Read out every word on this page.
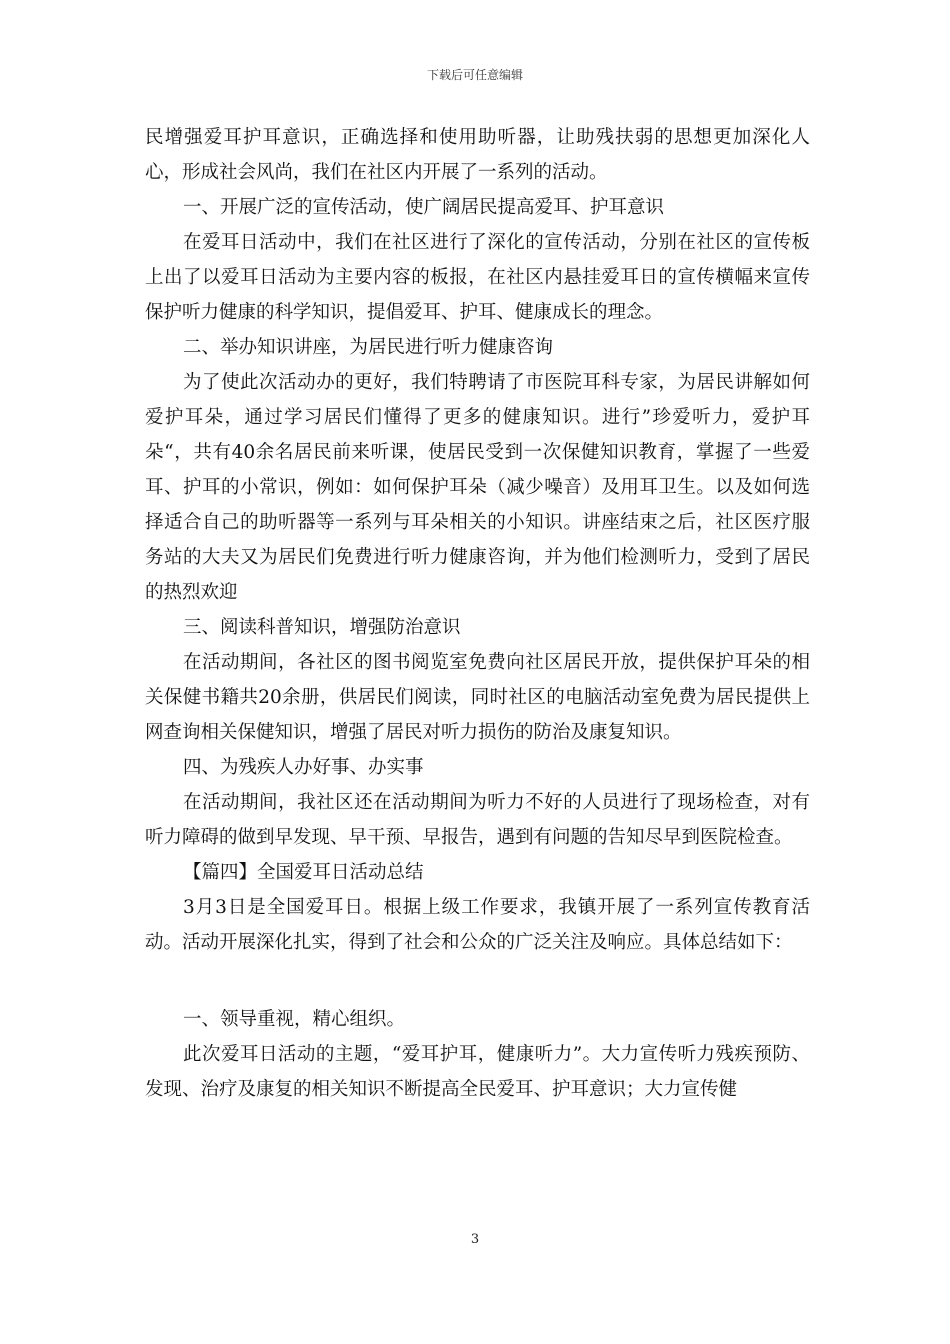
下载后可任意编辑

民增强爱耳护耳意识，正确选择和使用助听器，让助残扶弱的思想更加深化人心，形成社会风尚，我们在社区内开展了一系列的活动。

一、开展广泛的宣传活动，使广阔居民提高爱耳、护耳意识

在爱耳日活动中，我们在社区进行了深化的宣传活动，分别在社区的宣传板上出了以爱耳日活动为主要内容的板报，在社区内悬挂爱耳日的宣传横幅来宣传保护听力健康的科学知识，提倡爱耳、护耳、健康成长的理念。

二、举办知识讲座，为居民进行听力健康咨询

为了使此次活动办的更好，我们特聘请了市医院耳科专家，为居民讲解如何爱护耳朵，通过学习居民们懂得了更多的健康知识。进行”珍爱听力，爱护耳朵“，共有40余名居民前来听课，使居民受到一次保健知识教育，掌握了一些爱耳、护耳的小常识，例如：如何保护耳朵（减少噪音）及用耳卫生。以及如何选择适合自己的助听器等一系列与耳朵相关的小知识。讲座结束之后，社区医疗服务站的大夫又为居民们免费进行听力健康咨询，并为他们检测听力，受到了居民的热烈欢迎

三、阅读科普知识，增强防治意识

在活动期间，各社区的图书阅览室免费向社区居民开放，提供保护耳朵的相关保健书籍共20余册，供居民们阅读，同时社区的电脑活动室免费为居民提供上网查询相关保健知识，增强了居民对听力损伤的防治及康复知识。

四、为残疾人办好事、办实事

在活动期间，我社区还在活动期间为听力不好的人员进行了现场检查，对有听力障碍的做到早发现、早干预、早报告，遇到有问题的告知尽早到医院检查。

【篇四】全国爱耳日活动总结

3月3日是全国爱耳日。根据上级工作要求，我镇开展了一系列宣传教育活动。活动开展深化扎实，得到了社会和公众的广泛关注及响应。具体总结如下：

一、领导重视，精心组织。

此次爱耳日活动的主题，“爱耳护耳，健康听力”。大力宣传听力残疾预防、发现、治疗及康复的相关知识不断提高全民爱耳、护耳意识；大力宣传健

3
